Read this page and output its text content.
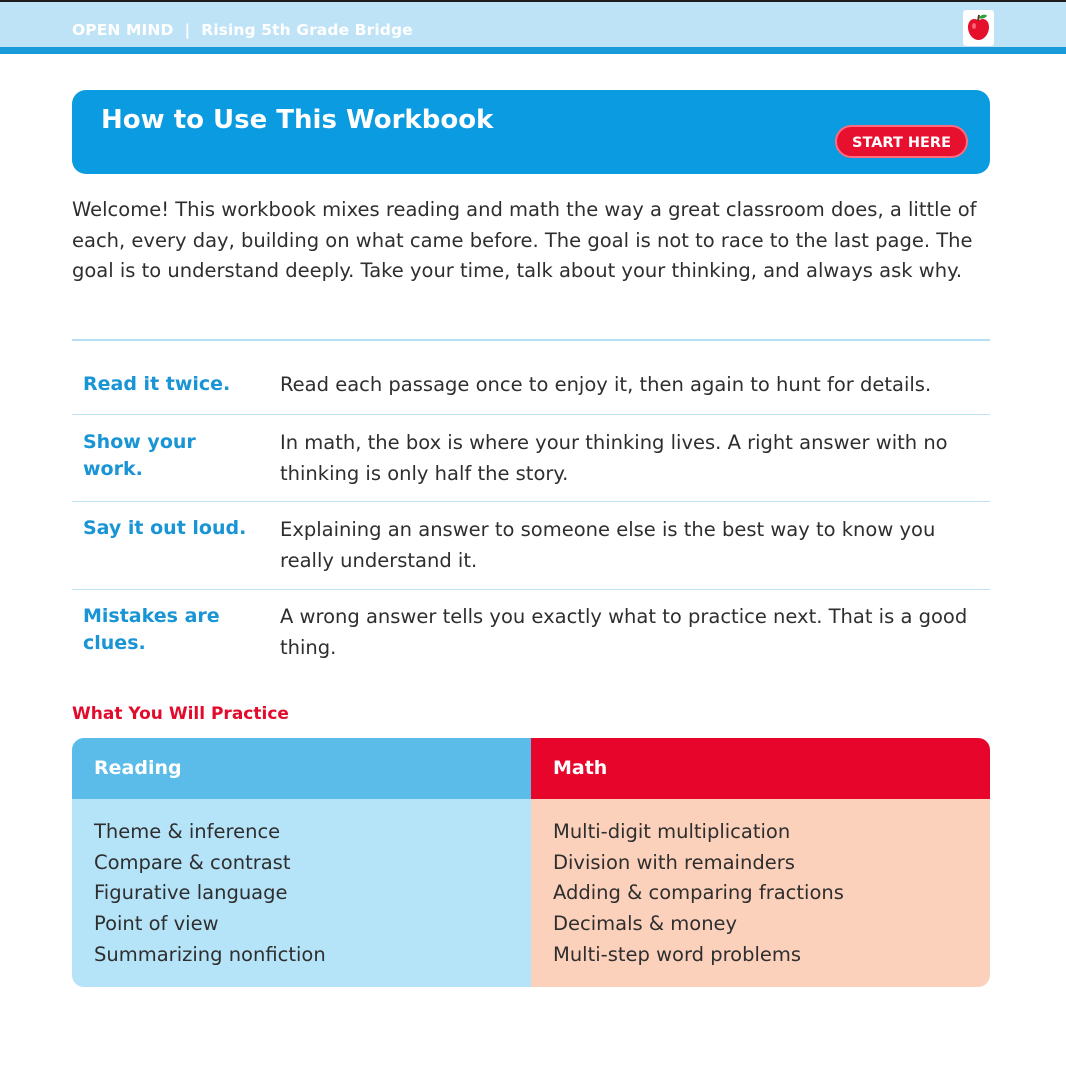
OPEN MIND | Rising 5th Grade Bridge
How to Use This Workbook
START HERE

Welcome! This workbook mixes reading and math the way a great classroom does, a little of each, every day, building on what came before. The goal is not to race to the last page. The goal is to understand deeply. Take your time, talk about your thinking, and always ask why.

Read it twice.	Read each passage once to enjoy it, then again to hunt for details.
Show your work.
In math, the box is where your thinking lives. A right answer with no thinking is only half the story.
Say it out loud.	Explaining an answer to someone else is the best way to know you really understand it.
Mistakes are clues.
A wrong answer tells you exactly what to practice next. That is a good thing.
What You Will Practice
Reading
Theme & inference
Compare & contrast
Figurative language
Point of view
Summarizing nonfiction
Math
Multi-digit multiplication
Division with remainders
Adding & comparing fractions
Decimals & money
Multi-step word problems
